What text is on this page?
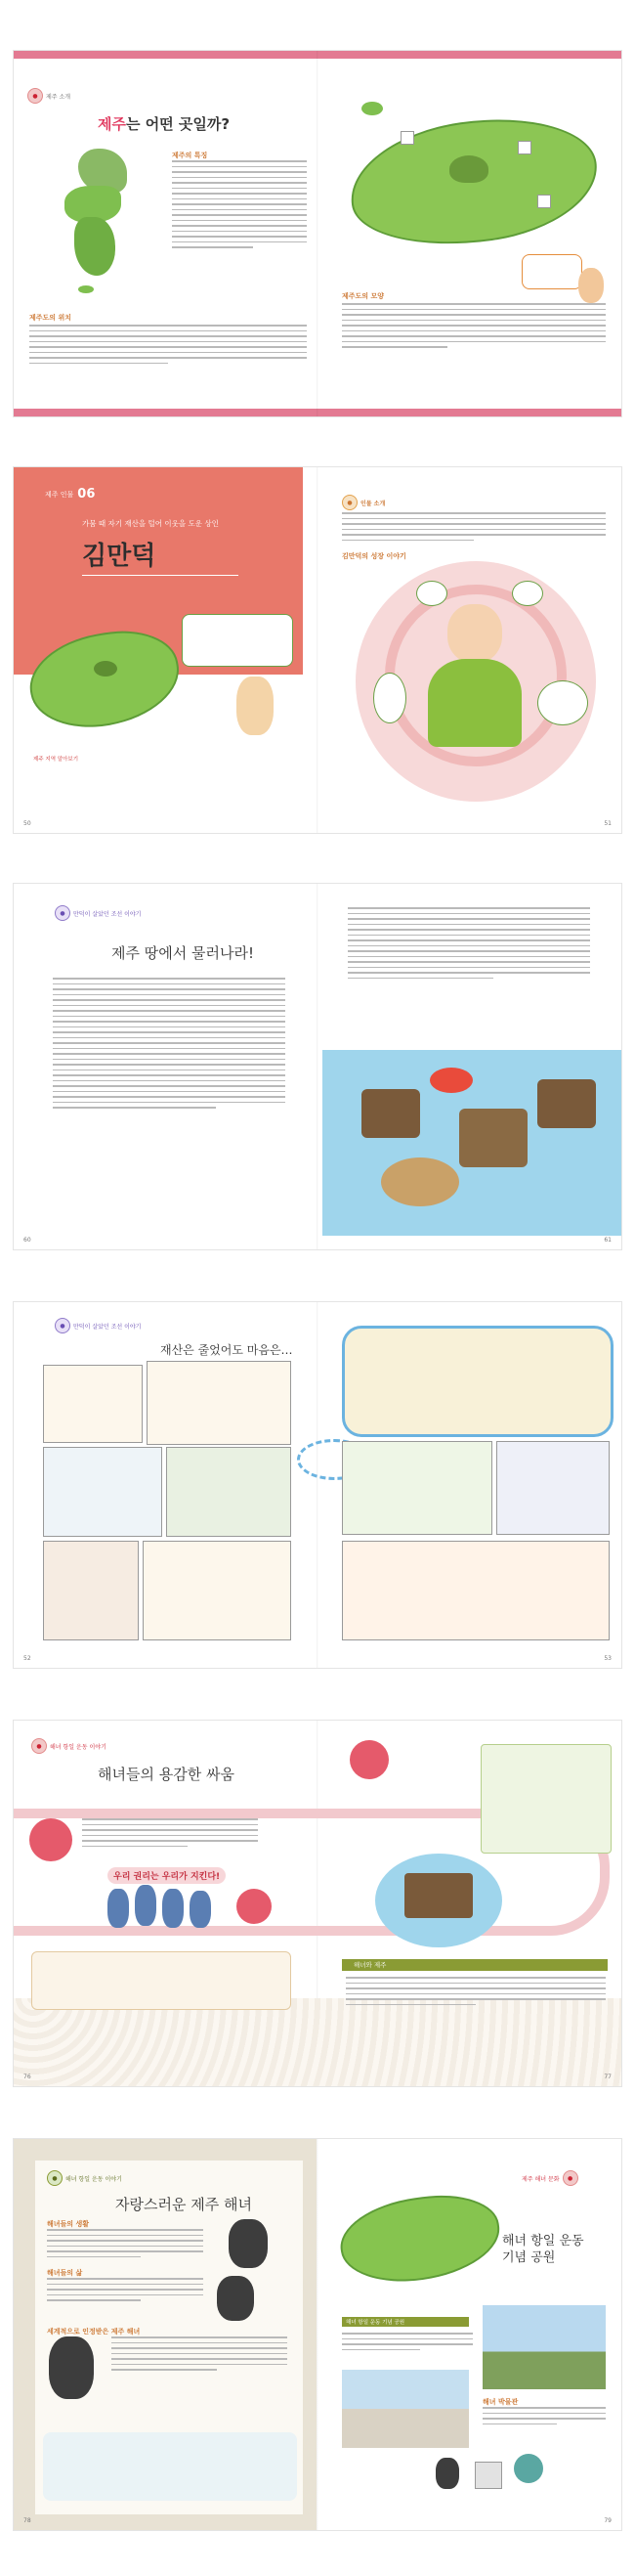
●	제주 소개
제주는 어떤 곳일까?
제주의 특징
제주도의 위치
제주도의 모양
제주 인물 06
가뭄 때 자기 재산을 털어 이웃을 도운 상인
김만덕
제주 지역 알아보기
●	인물 소개
김만덕의 성장 이야기
50	51
●	만덕이 살았던 조선 이야기
제주 땅에서 물러나라!
60	61
●	만덕이 살았던 조선 이야기
재산은 줄었어도 마음은…
52	53
●	해녀 항일 운동 이야기
해녀들의 용감한 싸움
우리 권리는 우리가 지킨다!
해녀와 제주
76	77
●	해녀 항일 운동 이야기
자랑스러운 제주 해녀
해녀들의 생활
해녀들의 삶
세계적으로 인정받은 제주 해녀
제주 해녀 문화	●
해녀 항일 운동
기념 공원
해녀 항일 운동 기념 공원
해녀 박물관
78	79
